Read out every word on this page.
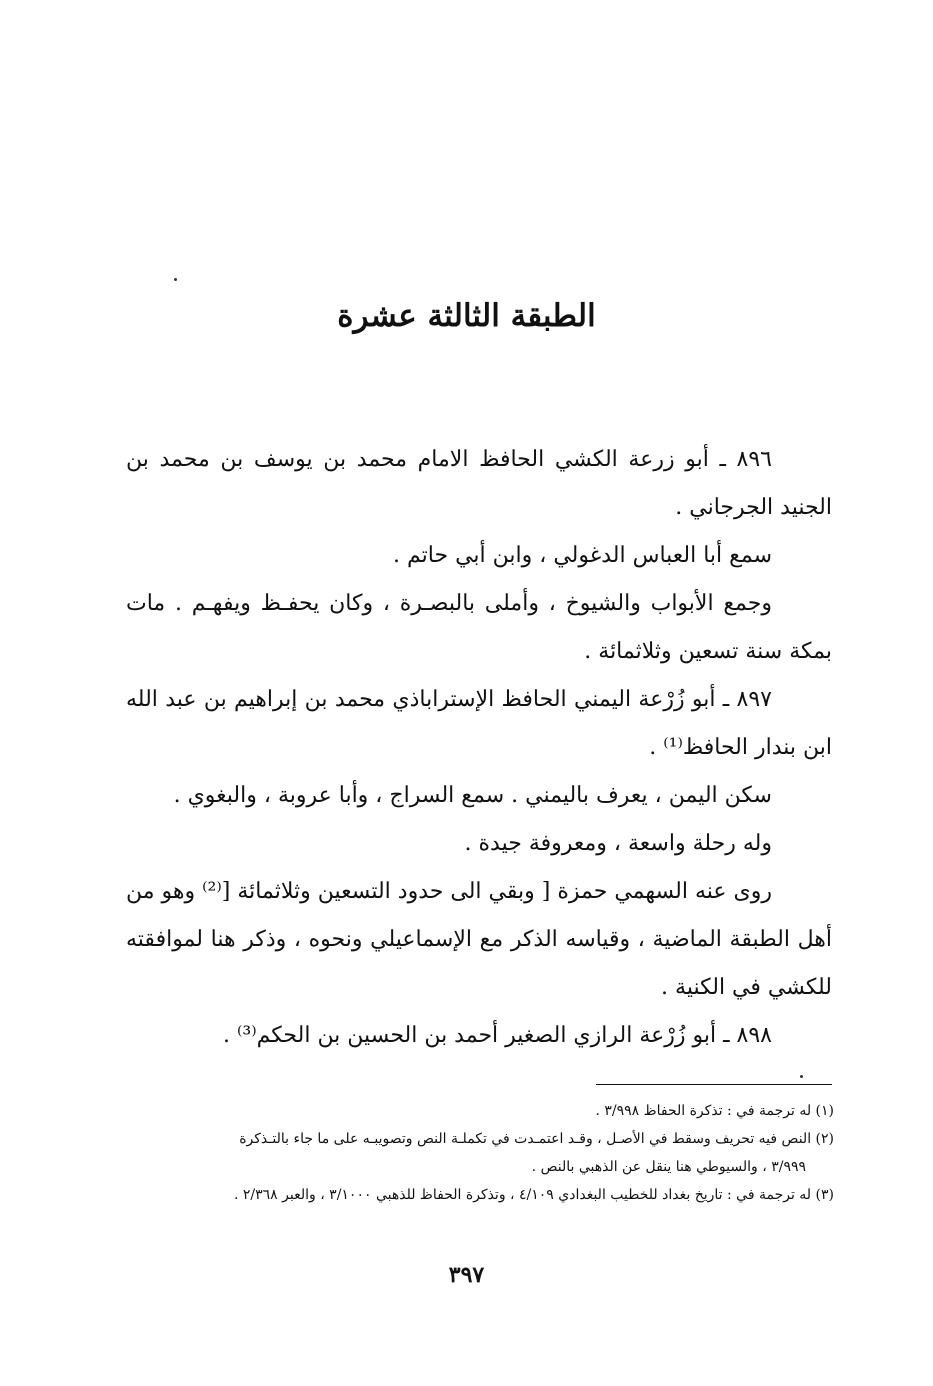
الطبقة الثالثة عشرة

٨٩٦ ـ أبو زرعة الكشي الحافظ الامام محمد بن يوسف بن محمد بن الجنيد الجرجاني .

سمع أبا العباس الدغولي ، وابن أبي حاتم .

وجمع الأبواب والشيوخ ، وأملى بالبصـرة ، وكان يحفـظ ويفهـم . مات بمكة سنة تسعين وثلاثمائة .

٨٩٧ ـ أبو زُرْعة اليمني الحافظ الإستراباذي محمد بن إبراهيم بن عبد الله ابن بندار الحافظ⁽¹⁾ .

سكن اليمن ، يعرف باليمني . سمع السراج ، وأبا عروبة ، والبغوي .

وله رحلة واسعة ، ومعروفة جيدة .

روى عنه السهمي حمزة [ وبقي الى حدود التسعين وثلاثمائة [⁽²⁾ وهو من أهل الطبقة الماضية ، وقياسه الذكر مع الإسماعيلي ونحوه ، وذكر هنا لموافقته للكشي في الكنية .

٨٩٨ ـ أبو زُرْعة الرازي الصغير أحمد بن الحسين بن الحكم⁽³⁾ .

(١) له ترجمة في : تذكرة الحفاظ ٣/٩٩٨ .

(٢) النص فيه تحريف وسقط في الأصـل ، وقـد اعتمـدت في تكملـة النص وتصويبـه على ما جاء بالتـذكرة

٣/٩٩٩ ، والسيوطي هنا ينقل عن الذهبي بالنص .

(٣) له ترجمة في : تاريخ بغداد للخطيب البغدادي ٤/١٠٩ ، وتذكرة الحفاظ للذهبي ٣/١٠٠٠ ، والعبر ٢/٣٦٨ .

٣٩٧
